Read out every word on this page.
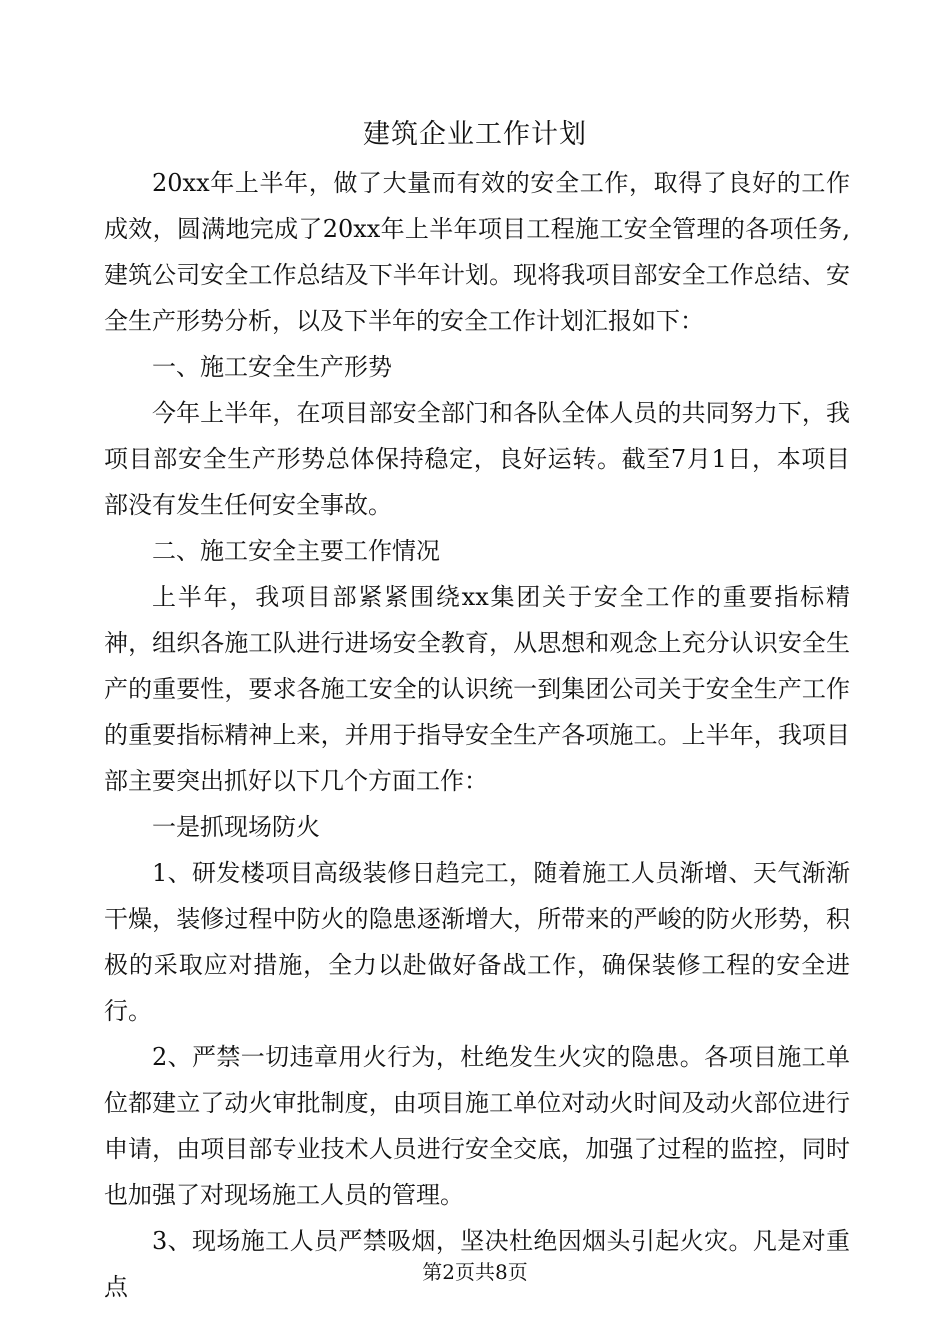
建筑企业工作计划

20xx年上半年，做了大量而有效的安全工作，取得了良好的工作成效，圆满地完成了20xx年上半年项目工程施工安全管理的各项任务,建筑公司安全工作总结及下半年计划。现将我项目部安全工作总结、安全生产形势分析，以及下半年的安全工作计划汇报如下：

一、施工安全生产形势

今年上半年，在项目部安全部门和各队全体人员的共同努力下，我项目部安全生产形势总体保持稳定，良好运转。截至7月1日，本项目部没有发生任何安全事故。

二、施工安全主要工作情况

上半年，我项目部紧紧围绕xx集团关于安全工作的重要指标精神，组织各施工队进行进场安全教育，从思想和观念上充分认识安全生产的重要性，要求各施工安全的认识统一到集团公司关于安全生产工作的重要指标精神上来，并用于指导安全生产各项施工。上半年，我项目部主要突出抓好以下几个方面工作：

一是抓现场防火

1、研发楼项目高级装修日趋完工，随着施工人员渐增、天气渐渐干燥，装修过程中防火的隐患逐渐增大，所带来的严峻的防火形势，积极的采取应对措施，全力以赴做好备战工作，确保装修工程的安全进行。

2、严禁一切违章用火行为，杜绝发生火灾的隐患。各项目施工单位都建立了动火审批制度，由项目施工单位对动火时间及动火部位进行申请，由项目部专业技术人员进行安全交底，加强了过程的监控，同时也加强了对现场施工人员的管理。

3、现场施工人员严禁吸烟，坚决杜绝因烟头引起火灾。凡是对重点

第2页共8页
